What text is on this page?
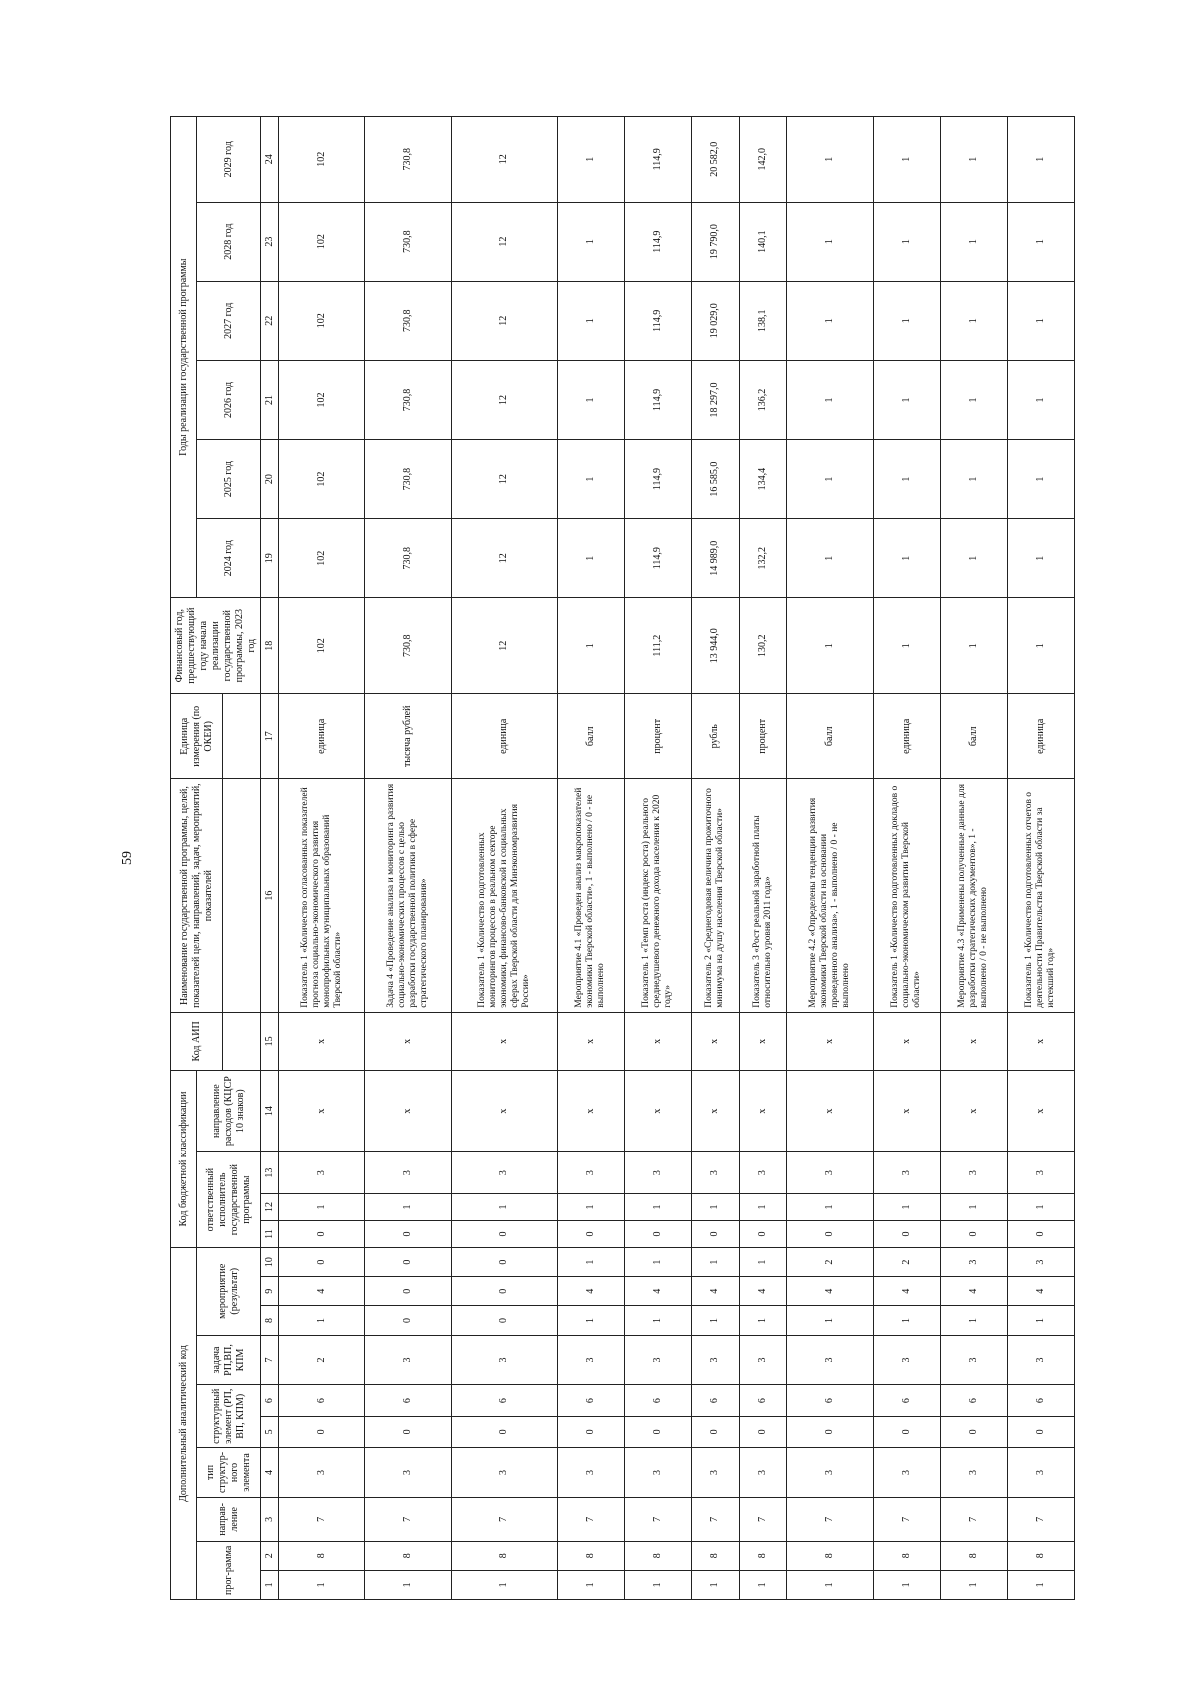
59
Дополнительный аналитический код										Код бюджетной классификации				Код АИП	Наименование государственной программы, целей, показателей цели, направлений, задач, мероприятий, показателей	Единица измерения (по ОКЕИ)	Финансовый год, предшествующий году начала реализации государственной программы, 2023 год	Годы реализации государственной программы					
прог-рамма		направ-ление	тип структур-ного элемента	структурный элемент (РП, ВП, КПМ)		задача РП,ВП, КПМ	мероприятие (результат)			ответственный исполнитель государственной программы			направление расходов (КЦСР 10 знаков)					2024 год	2025 год	2026 год	2027 год	2028 год	2029 год

1	2	3	4	5	6	7	8	9	10	11	12	13	14	15	16	17	18	19	20	21	22	23	24
1	8	7	3	0	6	2	1	4	0	0	1	3	х	х	Показатель 1 «Количество согласованных показателей прогноза социально-экономического развития монопрофильных муниципальных образований Тверской области»	единица	102	102	102	102	102	102	102
1	8	7	3	0	6	3	0	0	0	0	1	3	х	х	Задача 4 «Проведение анализа и мониторинга развития социально-экономических процессов с целью разработки государственной политики в сфере стратегического планирования»	тысяча рублей	730,8	730,8	730,8	730,8	730,8	730,8	730,8
1	8	7	3	0	6	3	0	0	0	0	1	3	х	х	Показатель 1 «Количество подготовленных мониторингов процессов в реальном секторе экономики, финансово-банковской и социальных сферах Тверской области для Минэкономразвития России»	единица	12	12	12	12	12	12	12
1	8	7	3	0	6	3	1	4	1	0	1	3	х	х	Мероприятие 4.1 «Проведен анализ макропоказателей экономики Тверской области», 1 - выполнено / 0 - не выполнено	балл	1	1	1	1	1	1	1
1	8	7	3	0	6	3	1	4	1	0	1	3	х	х	Показатель 1 «Темп роста (индекс роста) реального среднедушевого денежного дохода населения к 2020 году»	процент	111,2	114,9	114,9	114,9	114,9	114,9	114,9
1	8	7	3	0	6	3	1	4	1	0	1	3	х	х	Показатель 2 «Среднегодовая величина прожиточного минимума на душу населения Тверской области»	рубль	13 944,0	14 989,0	16 585,0	18 297,0	19 029,0	19 790,0	20 582,0
1	8	7	3	0	6	3	1	4	1	0	1	3	х	х	Показатель 3 «Рост реальной заработной платы относительно уровня 2011 года»	процент	130,2	132,2	134,4	136,2	138,1	140,1	142,0
1	8	7	3	0	6	3	1	4	2	0	1	3	х	х	Мероприятие 4.2 «Определены тенденции развития экономики Тверской области на основании проведенного анализа», 1 - выполнено / 0 - не выполнено	балл	1	1	1	1	1	1	1
1	8	7	3	0	6	3	1	4	2	0	1	3	х	х	Показатель 1 «Количество подготовленных докладов о социально-экономическом развитии Тверской области»	единица	1	1	1	1	1	1	1
1	8	7	3	0	6	3	1	4	3	0	1	3	х	х	Мероприятие 4.3 «Применены полученные данные для разработки стратегических документов», 1 - выполнено / 0 - не выполнено	балл	1	1	1	1	1	1	1
1	8	7	3	0	6	3	1	4	3	0	1	3	х	х	Показатель 1 «Количество подготовленных отчетов о деятельности Правительства Тверской области за истекший год»	единица	1	1	1	1	1	1	1
